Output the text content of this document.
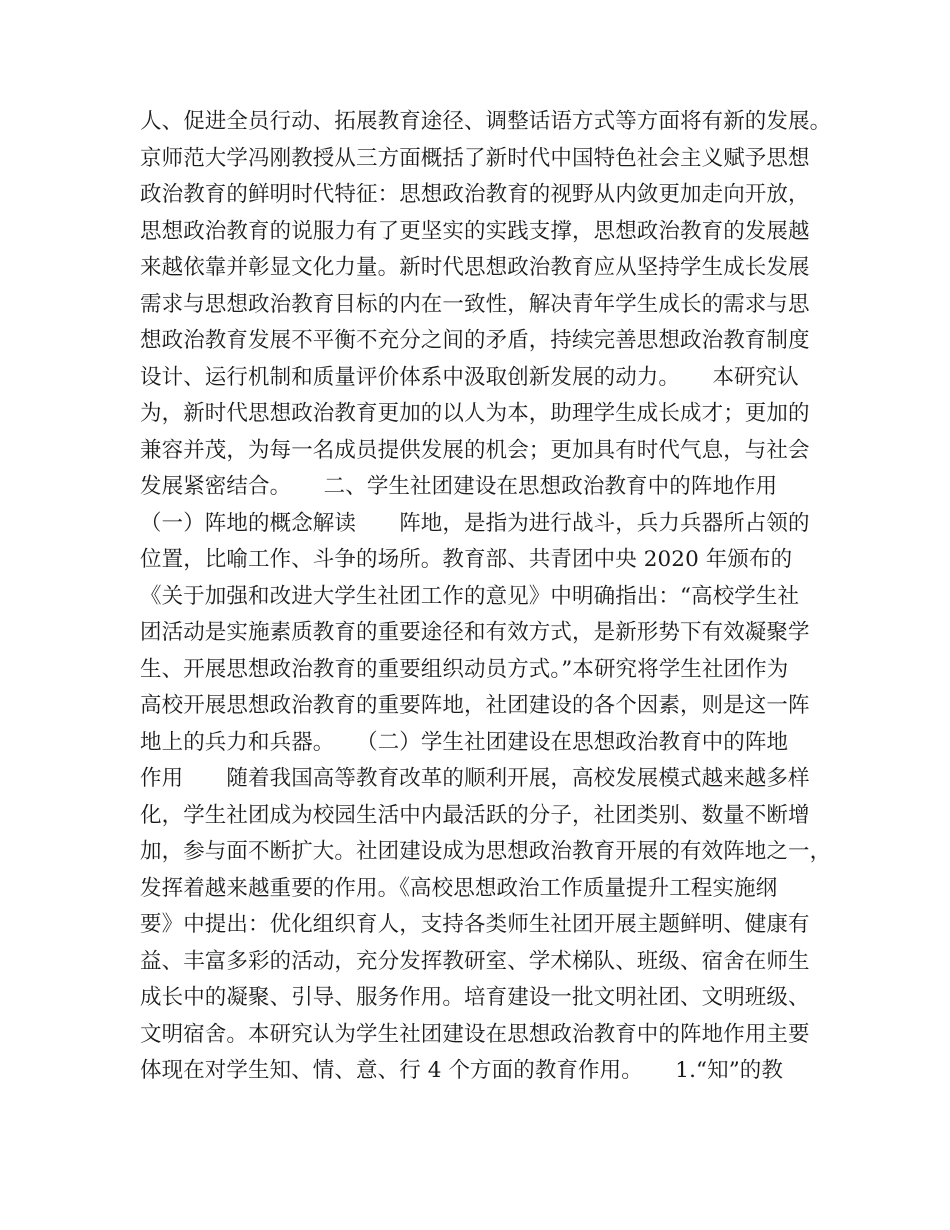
人、促进全员行动、拓展教育途径、调整话语方式等方面将有新的发展。
京师范大学冯刚教授从三方面概括了新时代中国特色社会主义赋予思想
政治教育的鲜明时代特征：思想政治教育的视野从内敛更加走向开放，
思想政治教育的说服力有了更坚实的实践支撑，思想政治教育的发展越
来越依靠并彰显文化力量。新时代思想政治教育应从坚持学生成长发展
需求与思想政治教育目标的内在一致性，解决青年学生成长的需求与思
想政治教育发展不平衡不充分之间的矛盾，持续完善思想政治教育制度
设计、运行机制和质量评价体系中汲取创新发展的动力。　　本研究认
为，新时代思想政治教育更加的以人为本，助理学生成长成才；更加的
兼容并茂，为每一名成员提供发展的机会；更加具有时代气息，与社会
发展紧密结合。　　二、学生社团建设在思想政治教育中的阵地作用
（一）阵地的概念解读　　阵地，是指为进行战斗，兵力兵器所占领的
位置，比喻工作、斗争的场所。教育部、共青团中央 2020 年颁布的
《关于加强和改进大学生社团工作的意见》中明确指出：“高校学生社
团活动是实施素质教育的重要途径和有效方式，是新形势下有效凝聚学
生、开展思想政治教育的重要组织动员方式。”本研究将学生社团作为
高校开展思想政治教育的重要阵地，社团建设的各个因素，则是这一阵
地上的兵力和兵器。　　（二）学生社团建设在思想政治教育中的阵地
作用　　随着我国高等教育改革的顺利开展，高校发展模式越来越多样
化，学生社团成为校园生活中内最活跃的分子，社团类别、数量不断增
加，参与面不断扩大。社团建设成为思想政治教育开展的有效阵地之一，
发挥着越来越重要的作用。《高校思想政治工作质量提升工程实施纲
要》中提出：优化组织育人，支持各类师生社团开展主题鲜明、健康有
益、丰富多彩的活动，充分发挥教研室、学术梯队、班级、宿舍在师生
成长中的凝聚、引导、服务作用。培育建设一批文明社团、文明班级、
文明宿舍。本研究认为学生社团建设在思想政治教育中的阵地作用主要
体现在对学生知、情、意、行 4 个方面的教育作用。　　1.“知”的教
